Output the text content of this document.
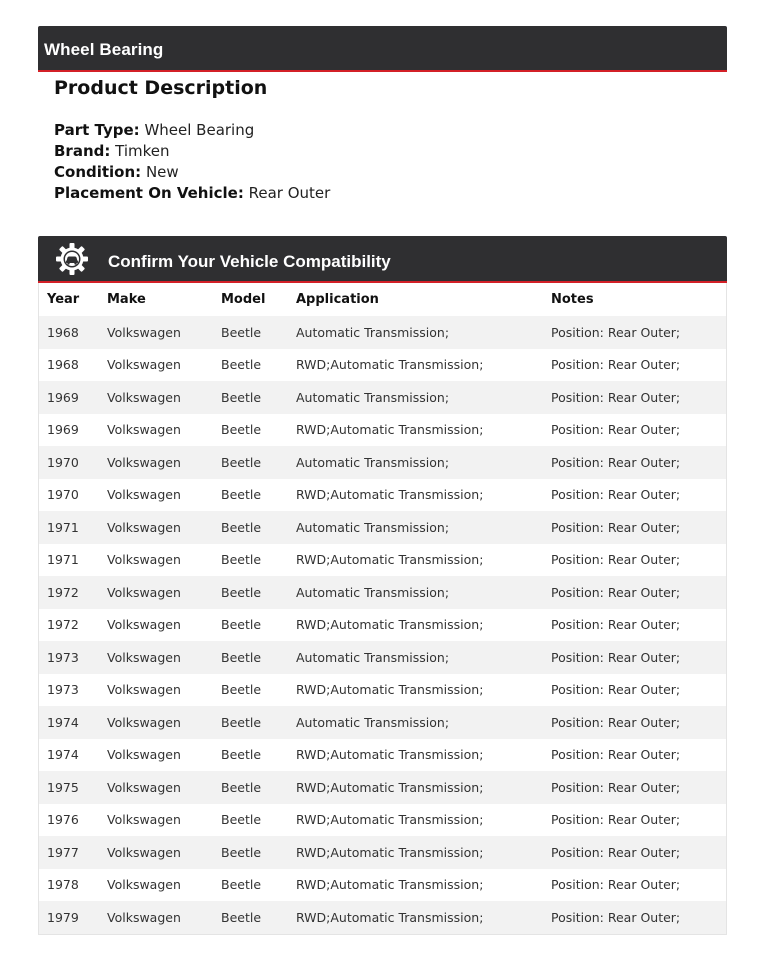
Wheel Bearing
Product Description
Part Type: Wheel Bearing
Brand: Timken
Condition: New
Placement On Vehicle: Rear Outer
Confirm Your Vehicle Compatibility
Year	Make	Model	Application	Notes
1968	Volkswagen	Beetle	Automatic Transmission;	Position: Rear Outer;
1968	Volkswagen	Beetle	RWD;Automatic Transmission;	Position: Rear Outer;
1969	Volkswagen	Beetle	Automatic Transmission;	Position: Rear Outer;
1969	Volkswagen	Beetle	RWD;Automatic Transmission;	Position: Rear Outer;
1970	Volkswagen	Beetle	Automatic Transmission;	Position: Rear Outer;
1970	Volkswagen	Beetle	RWD;Automatic Transmission;	Position: Rear Outer;
1971	Volkswagen	Beetle	Automatic Transmission;	Position: Rear Outer;
1971	Volkswagen	Beetle	RWD;Automatic Transmission;	Position: Rear Outer;
1972	Volkswagen	Beetle	Automatic Transmission;	Position: Rear Outer;
1972	Volkswagen	Beetle	RWD;Automatic Transmission;	Position: Rear Outer;
1973	Volkswagen	Beetle	Automatic Transmission;	Position: Rear Outer;
1973	Volkswagen	Beetle	RWD;Automatic Transmission;	Position: Rear Outer;
1974	Volkswagen	Beetle	Automatic Transmission;	Position: Rear Outer;
1974	Volkswagen	Beetle	RWD;Automatic Transmission;	Position: Rear Outer;
1975	Volkswagen	Beetle	RWD;Automatic Transmission;	Position: Rear Outer;
1976	Volkswagen	Beetle	RWD;Automatic Transmission;	Position: Rear Outer;
1977	Volkswagen	Beetle	RWD;Automatic Transmission;	Position: Rear Outer;
1978	Volkswagen	Beetle	RWD;Automatic Transmission;	Position: Rear Outer;
1979	Volkswagen	Beetle	RWD;Automatic Transmission;	Position: Rear Outer;
